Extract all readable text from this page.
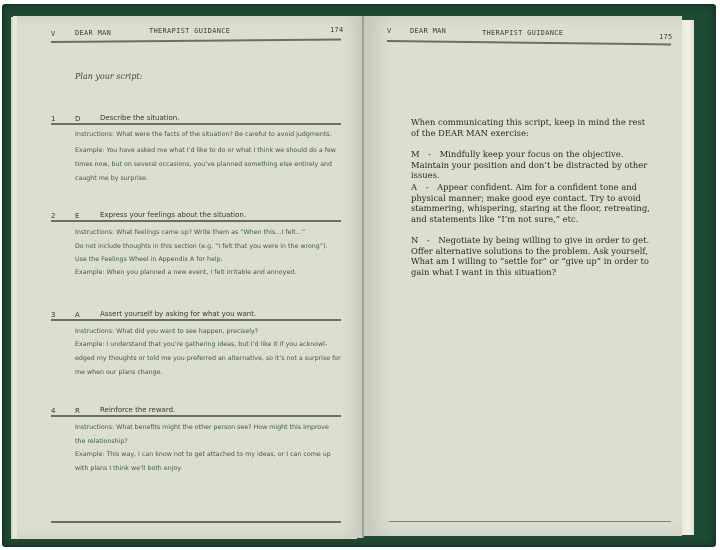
V	DEAR MAN	THERAPIST GUIDANCE	174
Plan your script:
1	D	Describe the situation.
Instructions: What were the facts of the situation? Be careful to avoid judgments.
Example: You have asked me what I’d like to do or what I think we should do a few
times now, but on several occasions, you’ve planned something else entirely and
caught me by surprise.
2	E	Express your feelings about the situation.
Instructions: What feelings came up? Write them as “When this…I felt…”
Do not include thoughts in this section (e.g. “I felt that you were in the wrong”).
Use the Feelings Wheel in Appendix A for help.
Example: When you planned a new event, I felt irritable and annoyed.
3	A	Assert yourself by asking for what you want.
Instructions: What did you want to see happen, precisely?
Example: I understand that you’re gathering ideas, but I’d like it if you acknowl-
edged my thoughts or told me you preferred an alternative, so it’s not a surprise for
me when our plans change.
4	R	Reinforce the reward.
Instructions: What benefits might the other person see? How might this improve
the relationship?
Example: This way, I can know not to get attached to my ideas, or I can come up
with plans I think we’ll both enjoy.
V	DEAR MAN	THERAPIST GUIDANCE	175
When communicating this script, keep in mind the rest of the DEAR MAN exercise:
M - Mindfully keep your focus on the objective. Maintain your position and don’t be distracted by other issues.
A - Appear confident. Aim for a confident tone and physical manner; make good eye contact. Try to avoid stammering, whispering, staring at the floor, retreating, and statements like “I’m not sure,” etc.
N - Negotiate by being willing to give in order to get. Offer alternative solutions to the problem. Ask yourself, What am I willing to “settle for” or “give up” in order to gain what I want in this situation?
